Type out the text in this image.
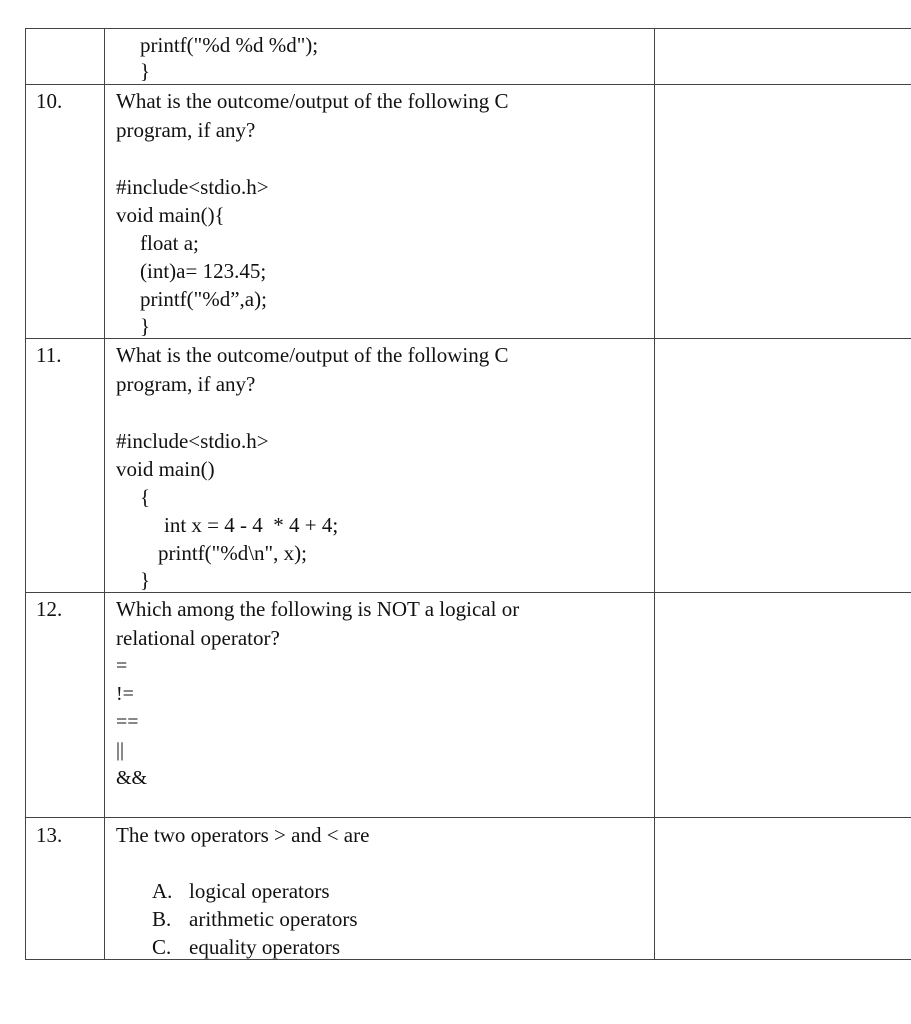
printf("%d %d %d");
}
10.	What is the outcome/output of the following C
program, if any?
#include<stdio.h>
void main(){
float a;
(int)a= 123.45;
printf("%d”,a);
}
11.	What is the outcome/output of the following C
program, if any?
#include<stdio.h>
void main()
{
int x = 4 - 4  * 4 + 4;
printf("%d\n", x);
}
12.	Which among the following is NOT a logical or
relational operator?
=
!=
==
||
&&
13.	The two operators > and < are
A. logical operators
B. arithmetic operators
C. equality operators
